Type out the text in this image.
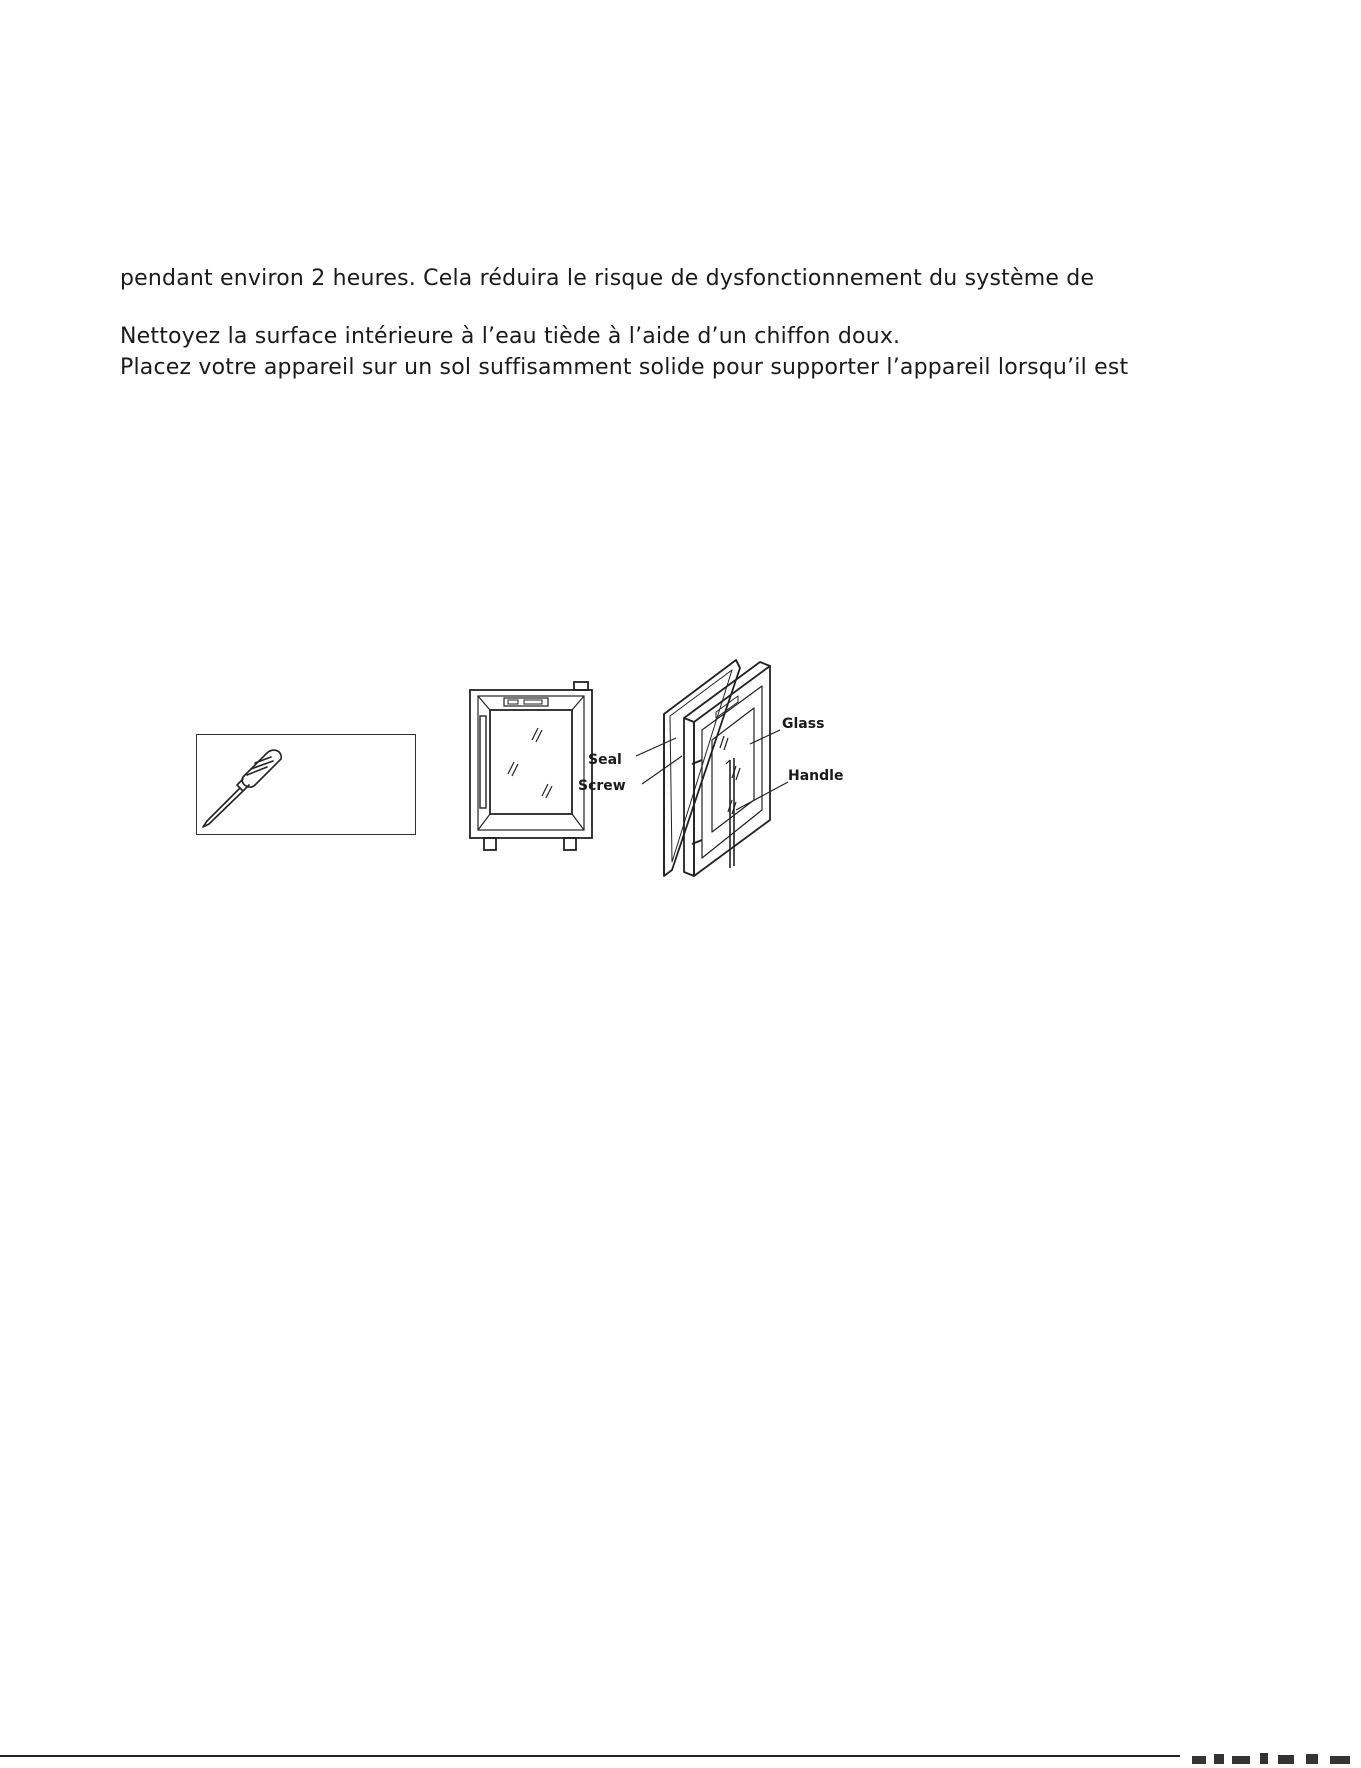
pendant environ 2 heures. Cela réduira le risque de dysfonctionnement du système de
Nettoyez la surface intérieure à l’eau tiède à l’aide d’un chiffon doux.
Placez votre appareil sur un sol suffisamment solide pour supporter l’appareil lorsqu’il est
Seal
Screw
Glass
Handle
